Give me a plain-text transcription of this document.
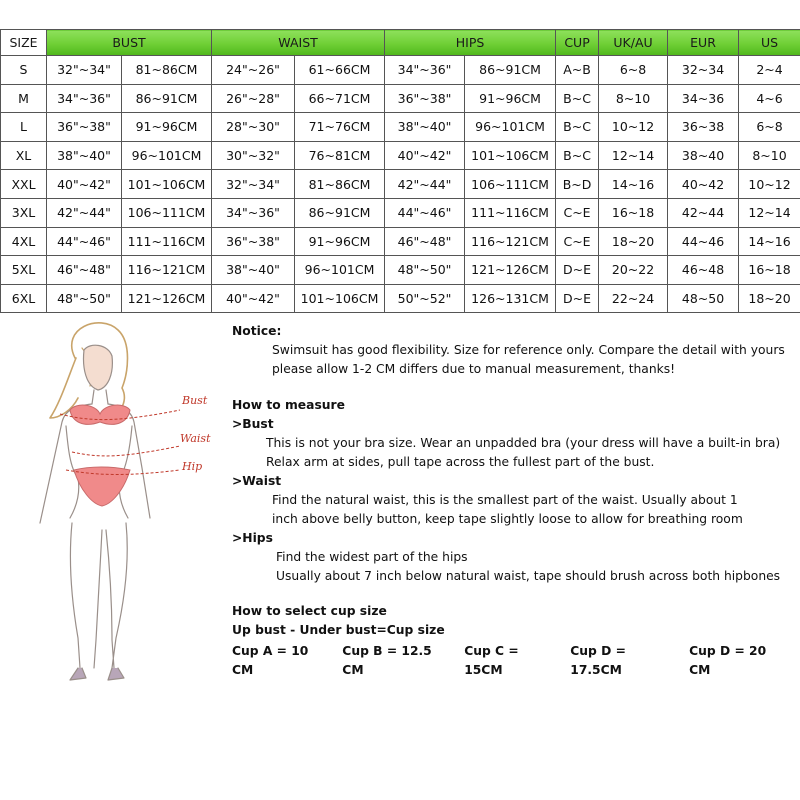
SIZE	BUST		WAIST		HIPS		CUP	UK/AU	EUR	US
S	32"~34"	81~86CM	24"~26"	61~66CM	34"~36"	86~91CM	A~B	6~8	32~34	2~4
M	34"~36"	86~91CM	26"~28"	66~71CM	36"~38"	91~96CM	B~C	8~10	34~36	4~6
L	36"~38"	91~96CM	28"~30"	71~76CM	38"~40"	96~101CM	B~C	10~12	36~38	6~8
XL	38"~40"	96~101CM	30"~32"	76~81CM	40"~42"	101~106CM	B~C	12~14	38~40	8~10
XXL	40"~42"	101~106CM	32"~34"	81~86CM	42"~44"	106~111CM	B~D	14~16	40~42	10~12
3XL	42"~44"	106~111CM	34"~36"	86~91CM	44"~46"	111~116CM	C~E	16~18	42~44	12~14
4XL	44"~46"	111~116CM	36"~38"	91~96CM	46"~48"	116~121CM	C~E	18~20	44~46	14~16
5XL	46"~48"	116~121CM	38"~40"	96~101CM	48"~50"	121~126CM	D~E	20~22	46~48	16~18
6XL	48"~50"	121~126CM	40"~42"	101~106CM	50"~52"	126~131CM	D~E	22~24	48~50	18~20
Bust
Waist
Hip

Notice:

Swimsuit has good flexibility. Size for reference only. Compare the detail with yours

please allow 1-2 CM differs due to manual measurement, thanks!

How to measure

>Bust

This is not your bra size. Wear an unpadded bra (your dress will have a built-in bra)

Relax arm at sides, pull tape across the fullest part of the bust.

>Waist

Find the natural waist, this is the smallest part of the waist. Usually about 1

inch above belly button, keep tape slightly loose to allow for breathing room

>Hips

Find the widest part of the hips

Usually about 7 inch below natural waist, tape should brush across both hipbones

How to select cup size

Up bust - Under bust=Cup size

Cup A = 10 CM
Cup B = 12.5 CM
Cup C = 15CM
Cup D = 17.5CM
Cup D = 20 CM
